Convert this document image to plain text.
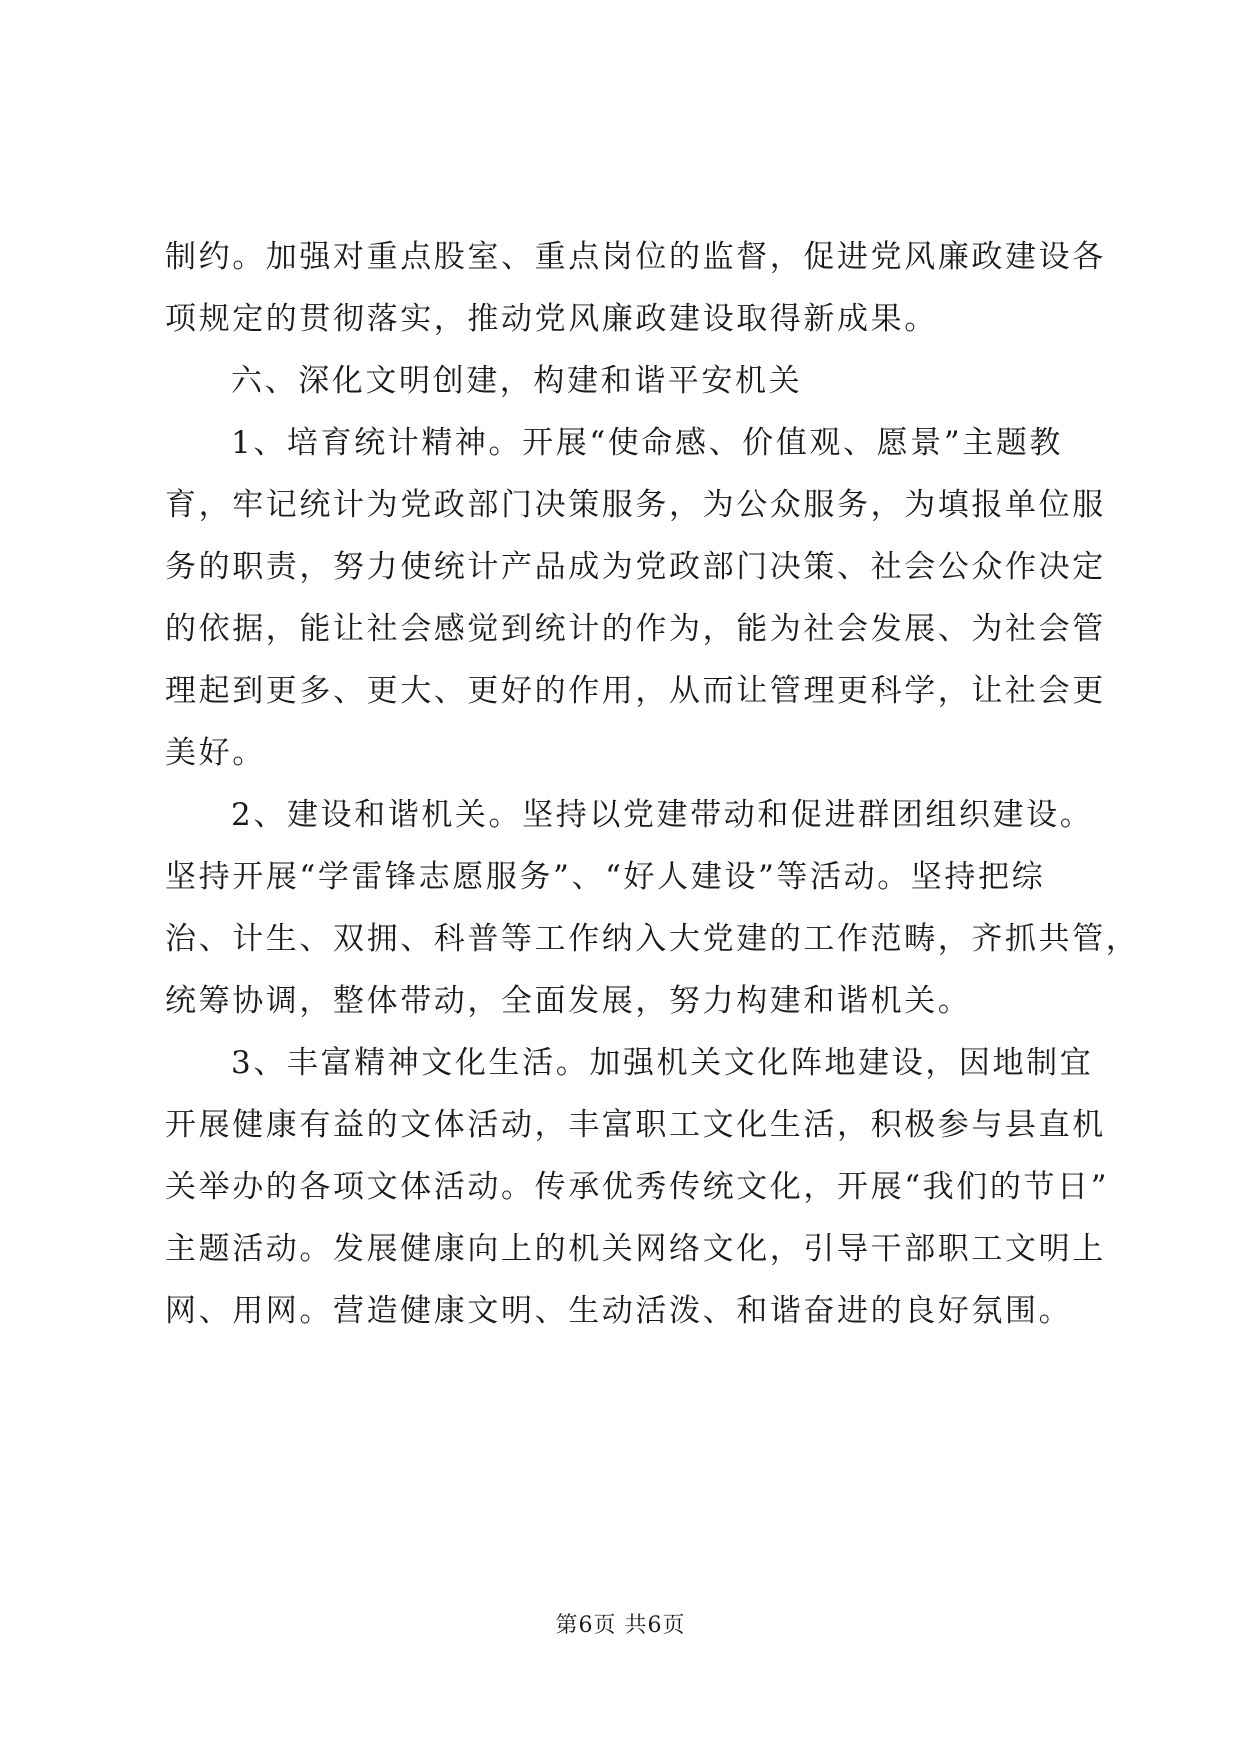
制约。加强对重点股室、重点岗位的监督，促进党风廉政建设各
项规定的贯彻落实，推动党风廉政建设取得新成果。
六、深化文明创建，构建和谐平安机关
1、培育统计精神。开展“使命感、价值观、愿景”主题教
育，牢记统计为党政部门决策服务，为公众服务，为填报单位服
务的职责，努力使统计产品成为党政部门决策、社会公众作决定
的依据，能让社会感觉到统计的作为，能为社会发展、为社会管
理起到更多、更大、更好的作用，从而让管理更科学，让社会更
美好。
2、建设和谐机关。坚持以党建带动和促进群团组织建设。
坚持开展“学雷锋志愿服务”、“好人建设”等活动。坚持把综
治、计生、双拥、科普等工作纳入大党建的工作范畴，齐抓共管，
统筹协调，整体带动，全面发展，努力构建和谐机关。
3、丰富精神文化生活。加强机关文化阵地建设，因地制宜
开展健康有益的文体活动，丰富职工文化生活，积极参与县直机
关举办的各项文体活动。传承优秀传统文化，开展“我们的节日”
主题活动。发展健康向上的机关网络文化，引导干部职工文明上
网、用网。营造健康文明、生动活泼、和谐奋进的良好氛围。
第6页 共6页
